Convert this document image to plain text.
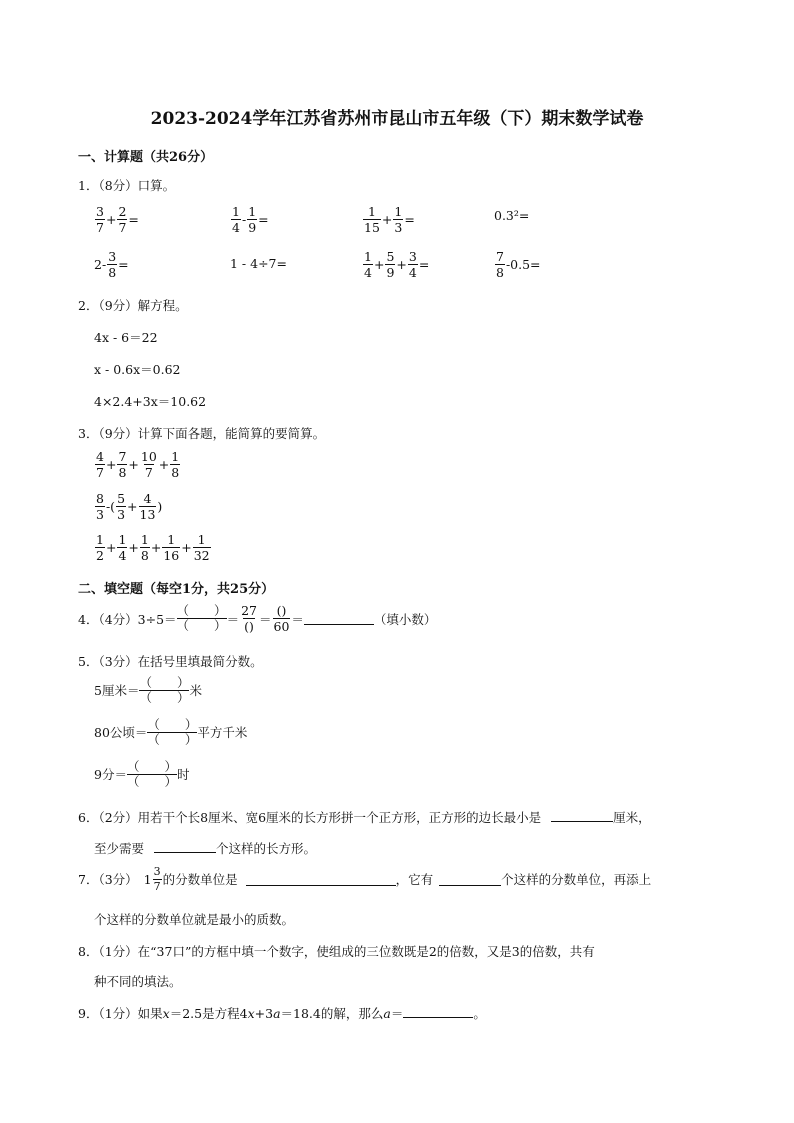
2023-2024学年江苏省苏州市昆山市五年级（下）期末数学试卷
一、计算题（共26分）
1．（8分）口算。
$\frac{3}{7} + \frac{2}{7}$ =	$\frac{1}{4} - \frac{1}{9}$ =	$\frac{1}{15} + \frac{1}{3}$ =	0.3²=
$2- \frac{3}{8}$ =	1 - 4÷7=	$\frac{1}{4} + \frac{5}{9} + \frac{3}{4}$ =	$\frac{7}{8} -0.5=$
2．（9分）解方程。
4x - 6＝22
x - 0.6x＝0.62
4×2.4+3x＝10.62
3．（9分）计算下面各题，能简算的要简算。
$\frac{4}{7} + \frac{7}{8} + \frac{10}{7} + \frac{1}{8}$
$\frac{8}{3}$ -( $\frac{5}{3} + \frac{4}{13}$ )
$\frac{1}{2} + \frac{1}{4} + \frac{1}{8} + \frac{1}{16} + \frac{1}{32}$
二、填空题（每空1分，共25分）
4．（4分）$3\div 5= \frac{( )}{( )} = \frac{27}{()} = \frac{()}{60}$ ＝	（填小数）
5．（3分）在括号里填最简分数。
5厘米＝ $\frac{( )}{( )}$ 米
80公顷＝ $\frac{( )}{( )}$ 平方千米
9分＝ $\frac{( )}{( )}$ 时
6．（2分）用若干个长8厘米、宽6厘米的长方形拼一个正方形，正方形的边长最小是	厘米，
至少需要	个这样的长方形。
7．（3分） $1 \frac{3}{7}$ 的分数单位是	，它有	个这样的分数单位，再添上
个这样的分数单位就是最小的质数。
8．（1分）在“37口”的方框中填一个数字，使组成的三位数既是2的倍数，又是3的倍数，共有
种不同的填法。
9．（1分）如果x＝2.5是方程4x+3a＝18.4的解，那么a＝	。
